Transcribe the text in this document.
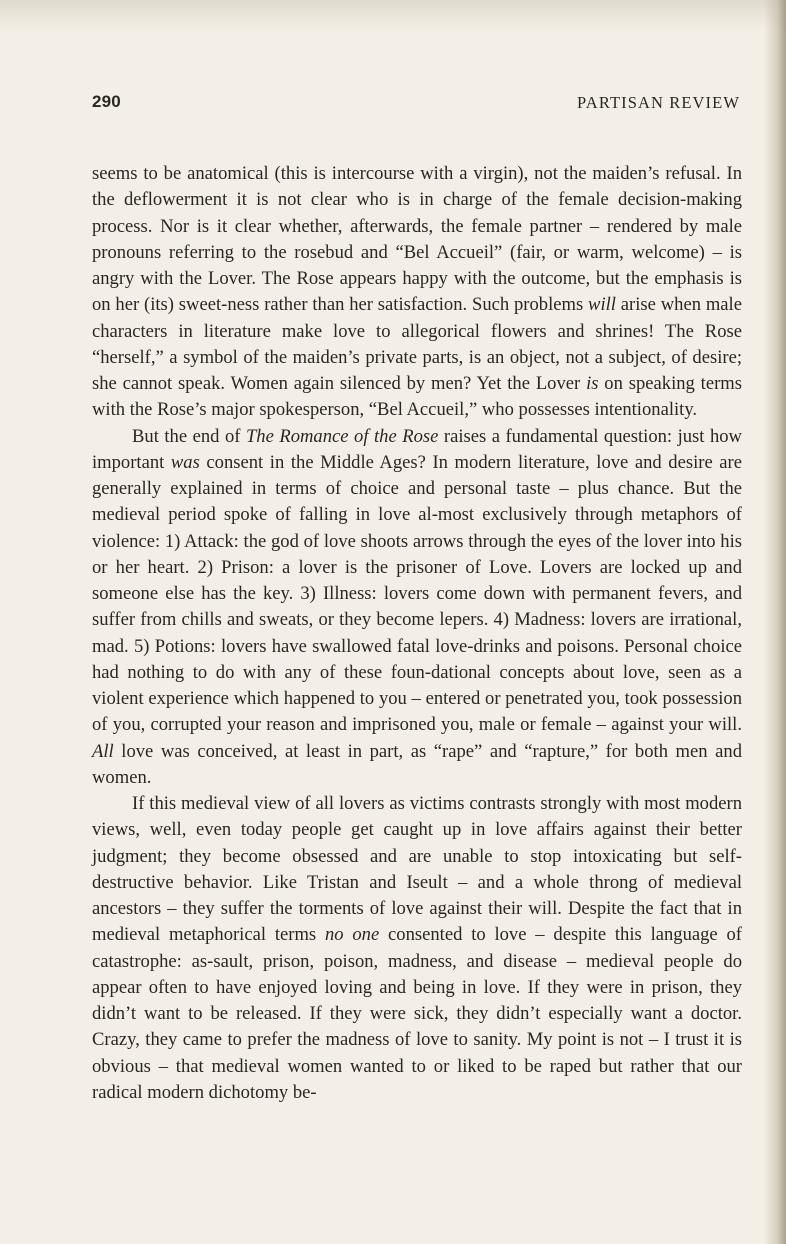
290	PARTISAN REVIEW

seems to be anatomical (this is intercourse with a virgin), not the maiden’s refusal. In the deflowerment it is not clear who is in charge of the female decision-making process. Nor is it clear whether, afterwards, the female partner – rendered by male pronouns referring to the rosebud and “Bel Accueil” (fair, or warm, welcome) – is angry with the Lover. The Rose appears happy with the outcome, but the emphasis is on her (its) sweet-ness rather than her satisfaction. Such problems will arise when male characters in literature make love to allegorical flowers and shrines! The Rose “herself,” a symbol of the maiden’s private parts, is an object, not a subject, of desire; she cannot speak. Women again silenced by men? Yet the Lover is on speaking terms with the Rose’s major spokesperson, “Bel Accueil,” who possesses intentionality.

But the end of The Romance of the Rose raises a fundamental question: just how important was consent in the Middle Ages? In modern literature, love and desire are generally explained in terms of choice and personal taste – plus chance. But the medieval period spoke of falling in love al-most exclusively through metaphors of violence: 1) Attack: the god of love shoots arrows through the eyes of the lover into his or her heart. 2) Prison: a lover is the prisoner of Love. Lovers are locked up and someone else has the key. 3) Illness: lovers come down with permanent fevers, and suffer from chills and sweats, or they become lepers. 4) Madness: lovers are irrational, mad. 5) Potions: lovers have swallowed fatal love-drinks and poisons. Personal choice had nothing to do with any of these foun-dational concepts about love, seen as a violent experience which happened to you – entered or penetrated you, took possession of you, corrupted your reason and imprisoned you, male or female – against your will. All love was conceived, at least in part, as “rape” and “rapture,” for both men and women.

If this medieval view of all lovers as victims contrasts strongly with most modern views, well, even today people get caught up in love affairs against their better judgment; they become obsessed and are unable to stop intoxicating but self-destructive behavior. Like Tristan and Iseult – and a whole throng of medieval ancestors – they suffer the torments of love against their will. Despite the fact that in medieval metaphorical terms no one consented to love – despite this language of catastrophe: as-sault, prison, poison, madness, and disease – medieval people do appear often to have enjoyed loving and being in love. If they were in prison, they didn’t want to be released. If they were sick, they didn’t especially want a doctor. Crazy, they came to prefer the madness of love to sanity. My point is not – I trust it is obvious – that medieval women wanted to or liked to be raped but rather that our radical modern dichotomy be-
